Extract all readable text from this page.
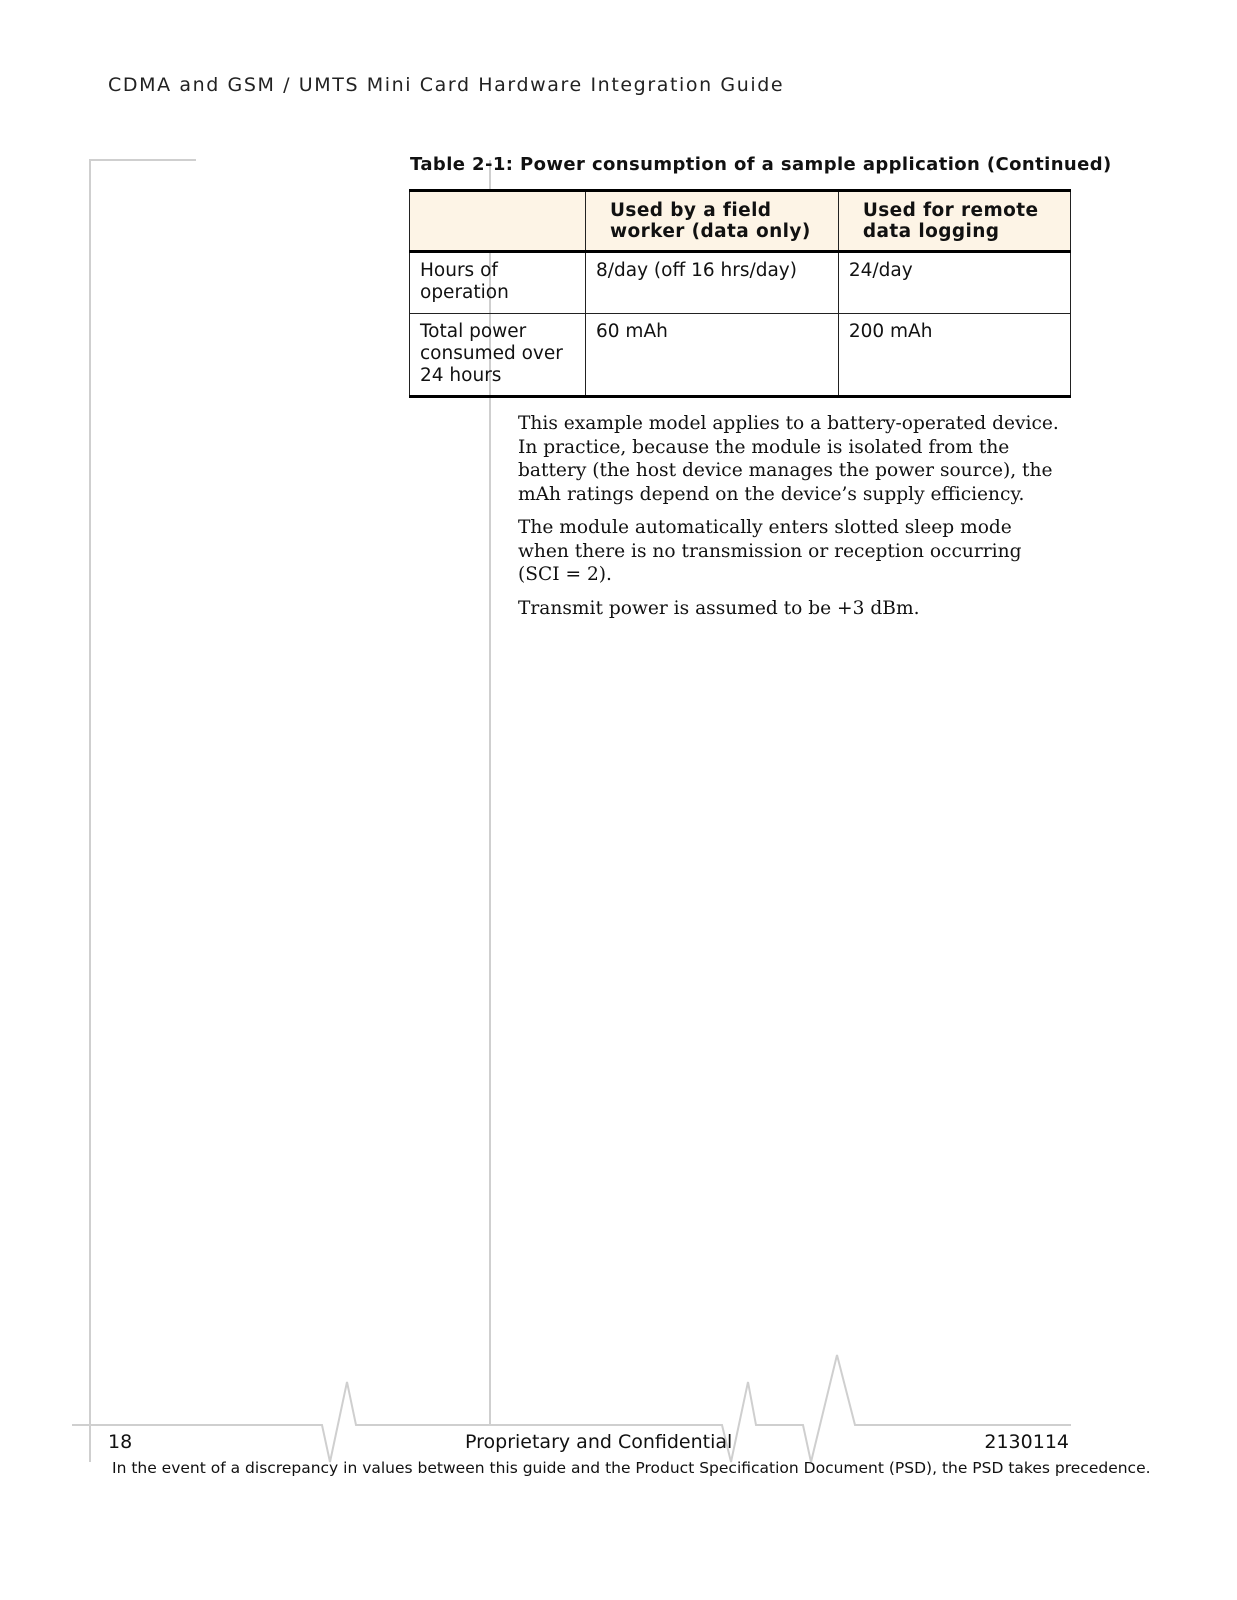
CDMA and GSM / UMTS Mini Card Hardware Integration Guide
Table 2-1: Power consumption of a sample application (Continued)
	Used by a field worker (data only)	Used for remote data logging
Hours of operation	8/day (off 16 hrs/day)	24/day
Total power consumed over 24 hours	60 mAh	200 mAh

This example model applies to a battery-operated device. In practice, because the module is isolated from the battery (the host device manages the power source), the mAh ratings depend on the device’s supply efficiency.

The module automatically enters slotted sleep mode when there is no transmission or reception occurring (SCI = 2).

Transmit power is assumed to be +3 dBm.

18	Proprietary and Confidential	2130114
In the event of a discrepancy in values between this guide and the Product Specification Document (PSD), the PSD takes precedence.
